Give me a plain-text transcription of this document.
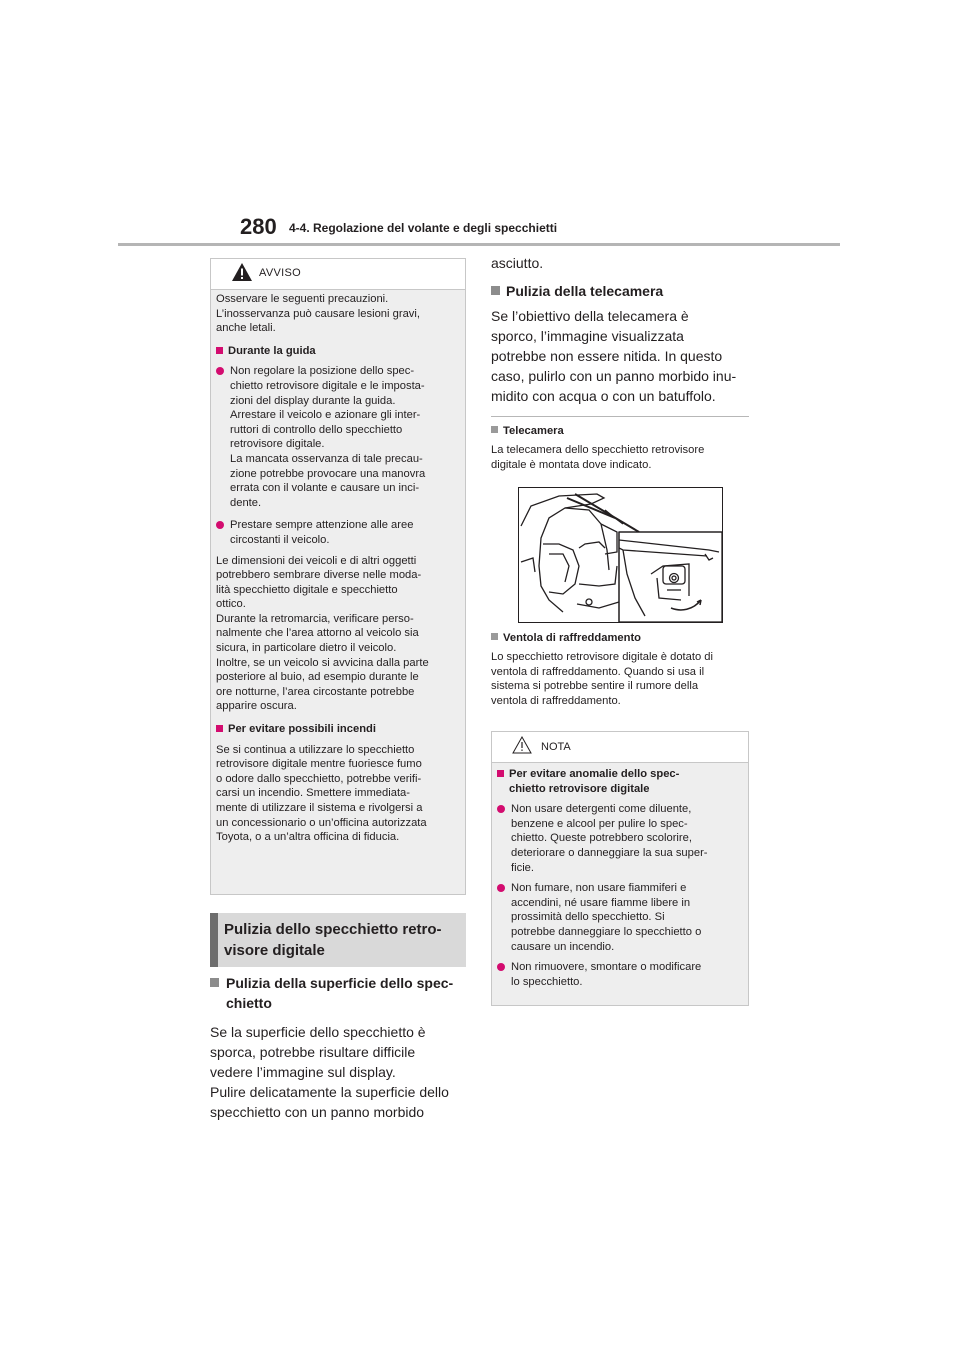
280 4-4. Regolazione del volante e degli specchietti
AVVISO

Osservare le seguenti precauzioni.

L’inosservanza può causare lesioni gravi,

anche letali.

Durante la guida

Non regolare la posizione dello spec-

chietto retrovisore digitale e le imposta-

zioni del display durante la guida.

Arrestare il veicolo e azionare gli inter-

ruttori di controllo dello specchietto

retrovisore digitale.

La mancata osservanza di tale precau-

zione potrebbe provocare una manovra

errata con il volante e causare un inci-

dente.

Prestare sempre attenzione alle aree

circostanti il veicolo.

Le dimensioni dei veicoli e di altri oggetti

potrebbero sembrare diverse nelle moda-

lità specchietto digitale e specchietto

ottico.

Durante la retromarcia, verificare perso-

nalmente che l’area attorno al veicolo sia

sicura, in particolare dietro il veicolo.

Inoltre, se un veicolo si avvicina dalla parte

posteriore al buio, ad esempio durante le

ore notturne, l’area circostante potrebbe

apparire oscura.

Per evitare possibili incendi

Se si continua a utilizzare lo specchietto

retrovisore digitale mentre fuoriesce fumo

o odore dallo specchietto, potrebbe verifi-

carsi un incendio. Smettere immediata-

mente di utilizzare il sistema e rivolgersi a

un concessionario o un’officina autorizzata

Toyota, o a un’altra officina di fiducia.

Pulizia dello specchietto retro-

visore digitale

Pulizia della superficie dello spec-

chietto

Se la superficie dello specchietto è

sporca, potrebbe risultare difficile

vedere l’immagine sul display.

Pulire delicatamente la superficie dello

specchietto con un panno morbido

asciutto.

Pulizia della telecamera

Se l’obiettivo della telecamera è

sporco, l’immagine visualizzata

potrebbe non essere nitida. In questo

caso, pulirlo con un panno morbido inu-

midito con acqua o con un batuffolo.

Telecamera

La telecamera dello specchietto retrovisore

digitale è montata dove indicato.

Ventola di raffreddamento

Lo specchietto retrovisore digitale è dotato di

ventola di raffreddamento. Quando si usa il

sistema si potrebbe sentire il rumore della

ventola di raffreddamento.

NOTA

Per evitare anomalie dello spec-

chietto retrovisore digitale

Non usare detergenti come diluente,

benzene e alcool per pulire lo spec-

chietto. Queste potrebbero scolorire,

deteriorare o danneggiare la sua super-

ficie.

Non fumare, non usare fiammiferi e

accendini, né usare fiamme libere in

prossimità dello specchietto. Si

potrebbe danneggiare lo specchietto o

causare un incendio.

Non rimuovere, smontare o modificare

lo specchietto.
